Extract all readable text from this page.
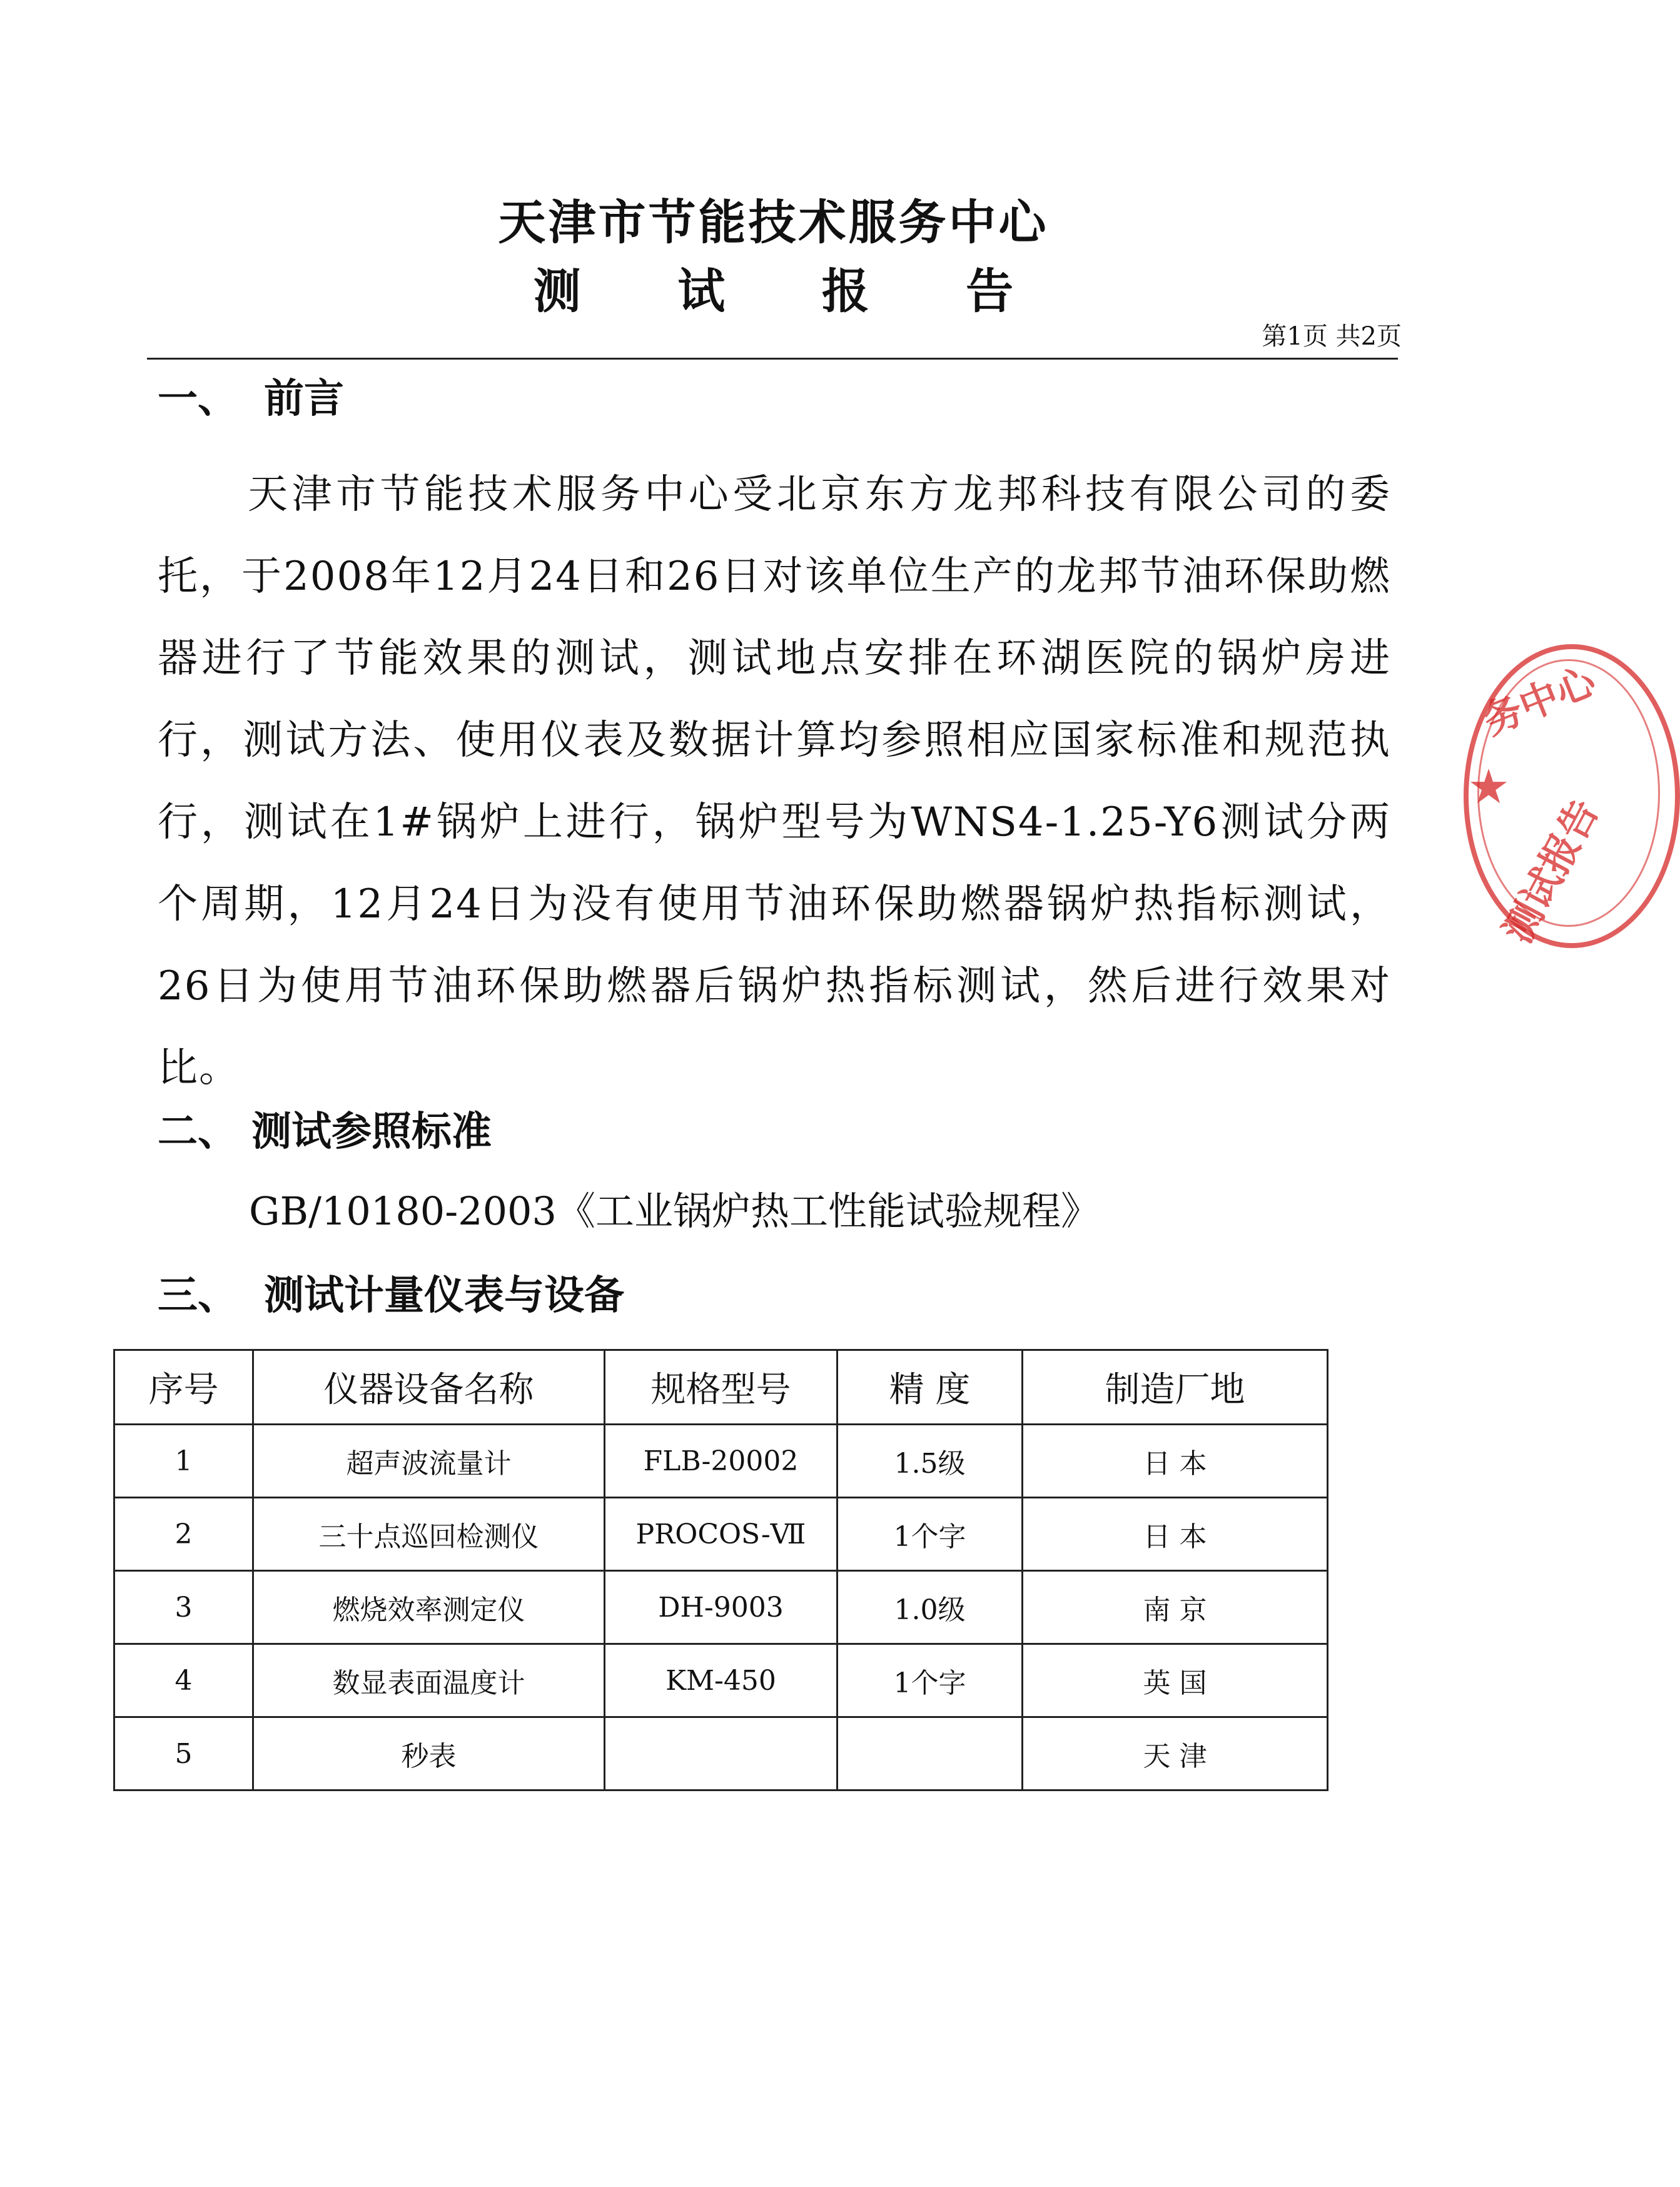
天津市节能技术服务中心
测 试 报 告
第1页 共2页
一、 前言

天津市节能技术服务中心受北京东方龙邦科技有限公司的委托，于2008年12月24日和26日对该单位生产的龙邦节油环保助燃器进行了节能效果的测试，测试地点安排在环湖医院的锅炉房进行，测试方法、使用仪表及数据计算均参照相应国家标准和规范执行，测试在1#锅炉上进行，锅炉型号为WNS4-1.25-Y6测试分两个周期，12月24日为没有使用节油环保助燃器锅炉热指标测试，26日为使用节油环保助燃器后锅炉热指标测试，然后进行效果对比。

二、 测试参照标准

GB/10180-2003《工业锅炉热工性能试验规程》

三、 测试计量仪表与设备
序号	仪器设备名称	规格型号	精 度	制造厂地
1	超声波流量计	FLB-20002	1.5级	日 本
2	三十点巡回检测仪	PROCOS-Ⅶ	1个字	日 本
3	燃烧效率测定仪	DH-9003	1.0级	南 京
4	数显表面温度计	KM-450	1个字	英 国
5	秒表			天 津
★
务中心
测试报告
